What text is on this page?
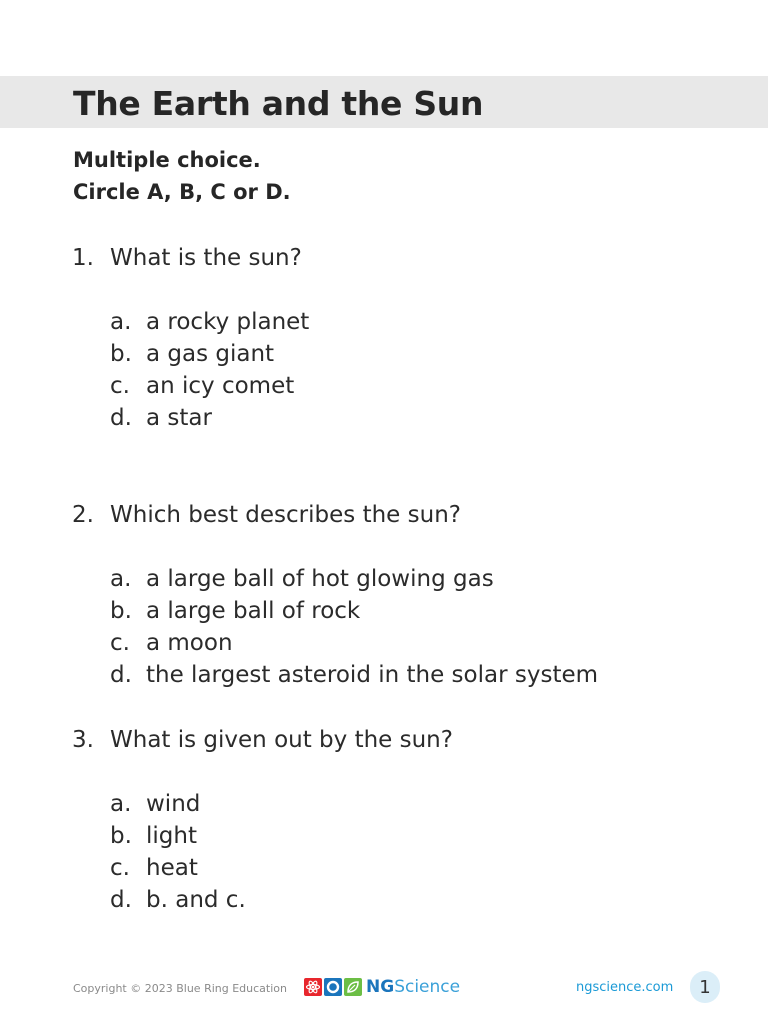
The Earth and the Sun

Multiple choice.

Circle A, B, C or D.

1. What is the sun?
a. a rocky planet
b. a gas giant
c. an icy comet
d. a star
2. Which best describes the sun?
a. a large ball of hot glowing gas
b. a large ball of rock
c. a moon
d. the largest asteroid in the solar system
3. What is given out by the sun?
a. wind
b. light
c. heat
d. b. and c.
Copyright © 2023 Blue Ring Education	NGScience	ngscience.com	1
